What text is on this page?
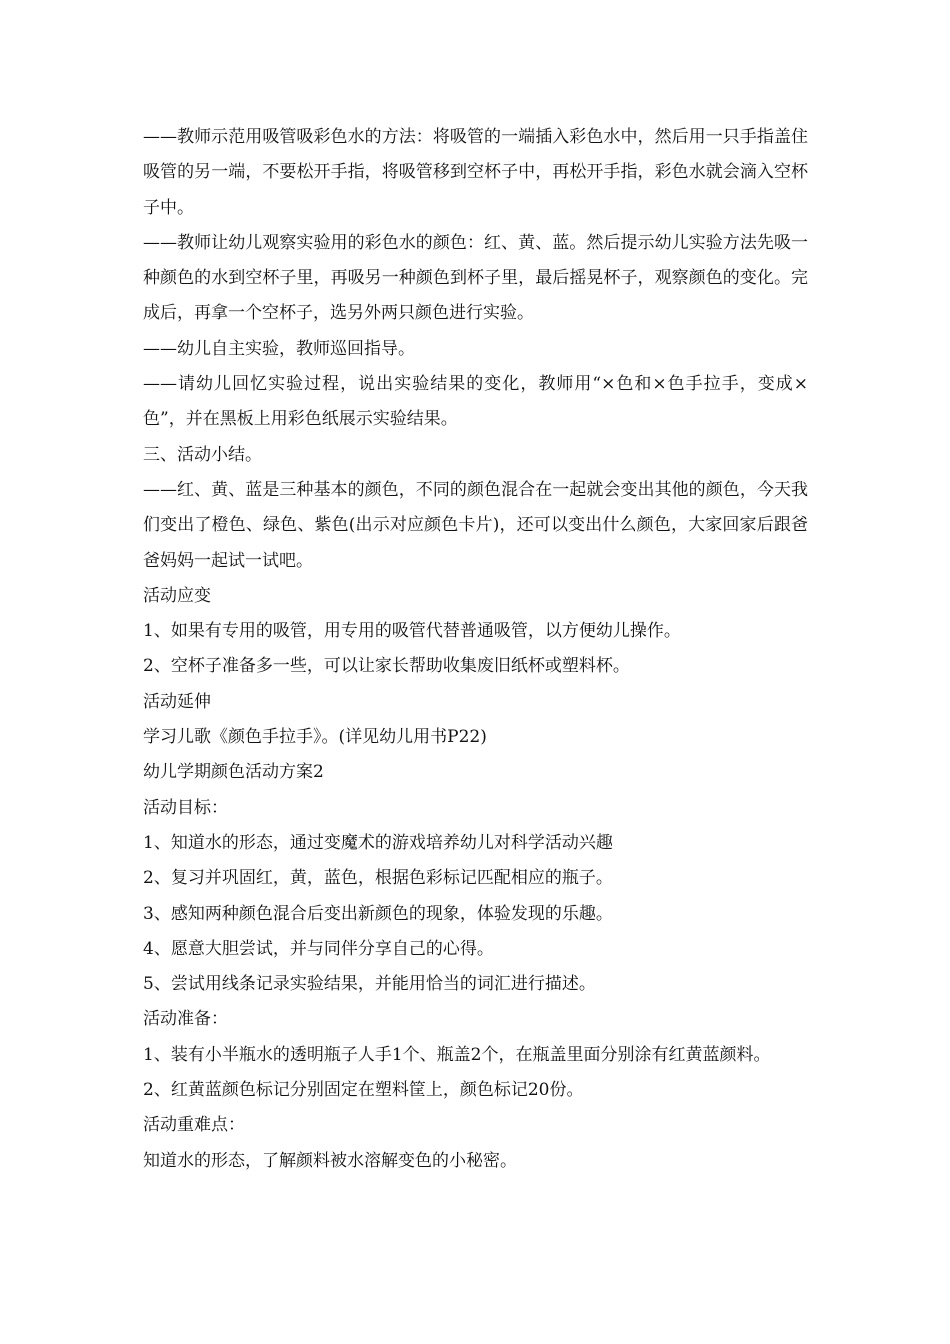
——教师示范用吸管吸彩色水的方法：将吸管的一端插入彩色水中，然后用一只手指盖住吸管的另一端，不要松开手指，将吸管移到空杯子中，再松开手指，彩色水就会滴入空杯子中。

——教师让幼儿观察实验用的彩色水的颜色：红、黄、蓝。然后提示幼儿实验方法先吸一种颜色的水到空杯子里，再吸另一种颜色到杯子里，最后摇晃杯子，观察颜色的变化。完成后，再拿一个空杯子，选另外两只颜色进行实验。

——幼儿自主实验，教师巡回指导。

——请幼儿回忆实验过程，说出实验结果的变化，教师用“×色和×色手拉手，变成×色”，并在黑板上用彩色纸展示实验结果。

三、活动小结。

——红、黄、蓝是三种基本的颜色，不同的颜色混合在一起就会变出其他的颜色，今天我们变出了橙色、绿色、紫色(出示对应颜色卡片)，还可以变出什么颜色，大家回家后跟爸爸妈妈一起试一试吧。

活动应变

1、如果有专用的吸管，用专用的吸管代替普通吸管，以方便幼儿操作。

2、空杯子准备多一些，可以让家长帮助收集废旧纸杯或塑料杯。

活动延伸

学习儿歌《颜色手拉手》。(详见幼儿用书P22)

幼儿学期颜色活动方案2

活动目标：

1、知道水的形态，通过变魔术的游戏培养幼儿对科学活动兴趣

2、复习并巩固红，黄，蓝色，根据色彩标记匹配相应的瓶子。

3、感知两种颜色混合后变出新颜色的现象，体验发现的乐趣。

4、愿意大胆尝试，并与同伴分享自己的心得。

5、尝试用线条记录实验结果，并能用恰当的词汇进行描述。

活动准备：

1、装有小半瓶水的透明瓶子人手1个、瓶盖2个，在瓶盖里面分别涂有红黄蓝颜料。

2、红黄蓝颜色标记分别固定在塑料筐上，颜色标记20份。

活动重难点：

知道水的形态，了解颜料被水溶解变色的小秘密。
